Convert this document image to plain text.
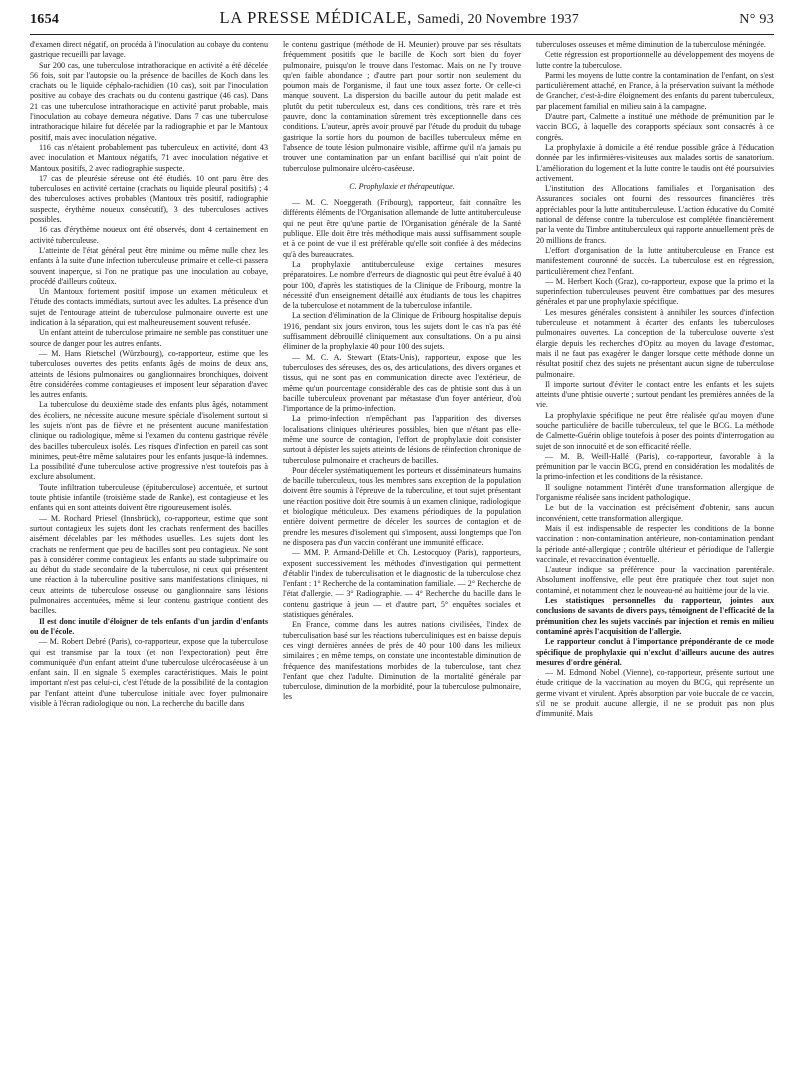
1654	LA PRESSE MÉDICALE, Samedi, 20 Novembre 1937	N° 93

d'examen direct négatif, on procéda à l'inoculation au cobaye du contenu gastrique recueilli par lavage.

Sur 200 cas, une tuberculose intrathoracique en activité a été décelée 56 fois, soit par l'autopsie ou la présence de bacilles de Koch dans les crachats ou le liquide céphalo-rachidien (10 cas), soit par l'inoculation positive au cobaye des crachats ou du contenu gastrique (46 cas). Dans 21 cas une tuberculose intrathoracique en activité parut probable, mais l'inoculation au cobaye demeura négative. Dans 7 cas une tuberculose intrathoracique hilaire fut décelée par la radiographie et par le Mantoux positif, mais avec inoculation négative.

116 cas n'étaient probablement pas tuberculeux en activité, dont 43 avec inoculation et Mantoux négatifs, 71 avec inoculation négative et Mantoux positifs, 2 avec radiographie suspecte.

17 cas de pleurésie séreuse ont été étudiés. 10 ont paru être des tuberculoses en activité certaine (crachats ou liquide pleural positifs) ; 4 des tuberculoses actives probables (Mantoux très positif, radiographie suspecte, érythème noueux consécutif), 3 des tuberculoses actives possibles.

16 cas d'érythème noueux ont été observés, dont 4 certainement en activité tuberculeuse.

L'atteinte de l'état général peut être minime ou même nulle chez les enfants à la suite d'une infection tuberculeuse primaire et celle-ci passera souvent inaperçue, si l'on ne pratique pas une inoculation au cobaye, procédé d'ailleurs coûteux.

Un Mantoux fortement positif impose un examen méticuleux et l'étude des contacts immédiats, surtout avec les adultes. La présence d'un sujet de l'entourage atteint de tuberculose pulmonaire ouverte est une indication à la séparation, qui est malheureusement souvent refusée.

Un enfant atteint de tuberculose primaire ne semble pas constituer une source de danger pour les autres enfants.

— M. Hans Rietschel (Würzbourg), co-rapporteur, estime que les tuberculoses ouvertes des petits enfants âgés de moins de deux ans, atteints de lésions pulmonaires ou ganglionnaires bronchiques, doivent être considérées comme contagieuses et imposent leur séparation d'avec les autres enfants.

La tuberculose du deuxième stade des enfants plus âgés, notamment des écoliers, ne nécessite aucune mesure spéciale d'isolement surtout si les sujets n'ont pas de fièvre et ne présentent aucune manifestation clinique ou radiologique, même si l'examen du contenu gastrique révèle des bacilles tuberculeux isolés. Les risques d'infection en pareil cas sont minimes, peut-être même salutaires pour les enfants jusque-là indemnes. La possibilité d'une tuberculose active progressive n'est toutefois pas à exclure absolument.

Toute infiltration tuberculeuse (épituberculose) accentuée, et surtout toute phtisie infantile (troisième stade de Ranke), est contagieuse et les enfants qui en sont atteints doivent être rigoureusement isolés.

— M. Rochard Priesel (Innsbrück), co-rapporteur, estime que sont surtout contagieux les sujets dont les crachats renferment des bacilles aisément décelables par les méthodes usuelles. Les sujets dont les crachats ne renferment que peu de bacilles sont peu contagieux. Ne sont pas à considérer comme contagieux les enfants au stade subprimaire ou au début du stade secondaire de la tuberculose, ni ceux qui présentent une réaction à la tuberculine positive sans manifestations cliniques, ni ceux atteints de tuberculose osseuse ou ganglionnaire sans lésions pulmonaires accentuées, même si leur contenu gastrique contient des bacilles.

Il est donc inutile d'éloigner de tels enfants d'un jardin d'enfants ou de l'école.

— M. Robert Debré (Paris), co-rapporteur, expose que la tuberculose qui est transmise par la toux (et non l'expectoration) peut être communiquée d'un enfant atteint d'une tuberculose ulcérocaséeuse à un enfant sain. Il en signale 5 exemples caractéristiques. Mais le point important n'est pas celui-ci, c'est l'étude de la possibilité de la contagion par l'enfant atteint d'une tuberculose initiale avec foyer pulmonaire visible à l'écran radiologique ou non. La recherche du bacille dans

le contenu gastrique (méthode de H. Meunier) prouve par ses résultats fréquemment positifs que le bacille de Koch sort bien du foyer pulmonaire, puisqu'on le trouve dans l'estomac. Mais on ne l'y trouve qu'en faible abondance ; d'autre part pour sortir non seulement du poumon mais de l'organisme, il faut une toux assez forte. Or celle-ci manque souvent. La dispersion du bacille autour du petit malade est plutôt du petit tuberculeux est, dans ces conditions, très rare et très pauvre, donc la contamination sûrement très exceptionnelle dans ces conditions. L'auteur, après avoir prouvé par l'étude du produit du tubage gastrique la sortie hors du poumon de bacilles tuberculeux même en l'absence de toute lésion pulmonaire visible, affirme qu'il n'a jamais pu trouver une contamination par un enfant bacillisé qui n'ait point de tuberculose pulmonaire ulcéro-caséeuse.

C. Prophylaxie et thérapeutique.

— M. C. Noeggerath (Fribourg), rapporteur, fait connaître les différents éléments de l'Organisation allemande de lutte antituberculeuse qui ne peut être qu'une partie de l'Organisation générale de la Santé publique. Elle doit être très méthodique mais aussi suffisamment souple et à ce point de vue il est préférable qu'elle soit confiée à des médecins qu'à des bureaucrates.

La prophylaxie antituberculeuse exige certaines mesures préparatoires. Le nombre d'erreurs de diagnostic qui peut être évalué à 40 pour 100, d'après les statistiques de la Clinique de Fribourg, montre la nécessité d'un enseignement détaillé aux étudiants de tous les chapitres de la tuberculose et notamment de la tuberculose infantile.

La section d'élimination de la Clinique de Fribourg hospitalise depuis 1916, pendant six jours environ, tous les sujets dont le cas n'a pas été suffisamment débrouillé cliniquement aux consultations. On a pu ainsi éliminer de la prophylaxie 40 pour 100 des sujets.

— M. C. A. Stewart (Etats-Unis), rapporteur, expose que les tuberculoses des séreuses, des os, des articulations, des divers organes et tissus, qui ne sont pas en communication directe avec l'extérieur, de même qu'un pourcentage considérable des cas de phtisie sont dus à un bacille tuberculeux provenant par métastase d'un foyer antérieur, d'où l'importance de la primo-infection.

La primo-infection n'empêchant pas l'apparition des diverses localisations cliniques ultérieures possibles, bien que n'étant pas elle-même une source de contagion, l'effort de prophylaxie doit consister surtout à dépister les sujets atteints de lésions de réinfection chronique de tuberculose pulmonaire et cracheurs de bacilles.

Pour déceler systématiquement les porteurs et disséminateurs humains de bacille tuberculeux, tous les membres sans exception de la population doivent être soumis à l'épreuve de la tuberculine, et tout sujet présentant une réaction positive doit être soumis à un examen clinique, radiologique et biologique méticuleux. Des examens périodiques de la population entière doivent permettre de déceler les sources de contagion et de prendre les mesures d'isolement qui s'imposent, aussi longtemps que l'on ne disposera pas d'un vaccin conférant une immunité efficace.

— MM. P. Armand-Delille et Ch. Lestocquoy (Paris), rapporteurs, exposent successivement les méthodes d'investigation qui permettent d'établir l'index de tuberculisation et le diagnostic de la tuberculose chez l'enfant : 1° Recherche de la contamination familiale. — 2° Recherche de l'état d'allergie. — 3° Radiographie. — 4° Recherche du bacille dans le contenu gastrique à jeun — et d'autre part, 5° enquêtes sociales et statistiques générales.

En France, comme dans les autres nations civilisées, l'index de tuberculisation basé sur les réactions tuberculiniques est en baisse depuis ces vingt dernières années de près de 40 pour 100 dans les milieux similaires ; en même temps, on constate une incontestable diminution de fréquence des manifestations morbides de la tuberculose, tant chez l'enfant que chez l'adulte. Diminution de la mortalité générale par tuberculose, diminution de la morbidité, pour la tuberculose pulmonaire, les

tuberculoses osseuses et même diminution de la tuberculose méningée.

Cette régression est proportionnelle au développement des moyens de lutte contre la tuberculose.

Parmi les moyens de lutte contre la contamination de l'enfant, on s'est particulièrement attaché, en France, à la préservation suivant la méthode de Grancher, c'est-à-dire éloignement des enfants du parent tuberculeux, par placement familial en milieu sain à la campagne.

D'autre part, Calmette a institué une méthode de prémunition par le vaccin BCG, à laquelle des corapports spéciaux sont consacrés à ce congrès.

La prophylaxie à domicile a été rendue possible grâce à l'éducation donnée par les infirmières-visiteuses aux malades sortis de sanatorium. L'amélioration du logement et la lutte contre le taudis ont été poursuivies activement.

L'institution des Allocations familiales et l'organisation des Assurances sociales ont fourni des ressources financières très appréciables pour la lutte antituberculeuse. L'action éducative du Comité national de défense contre la tuberculose est complétée financièrement par la vente du Timbre antituberculeux qui rapporte annuellement près de 20 millions de francs.

L'effort d'organisation de la lutte antituberculeuse en France est manifestement couronné de succès. La tuberculose est en régression, particulièrement chez l'enfant.

— M. Herbert Koch (Graz), co-rapporteur, expose que la primo et la superinfection tuberculeuses peuvent être combattues par des mesures générales et par une prophylaxie spécifique.

Les mesures générales consistent à annihiler les sources d'infection tuberculeuse et notamment à écarter des enfants les tuberculoses pulmonaires ouvertes. La conception de la tuberculose ouverte s'est élargie depuis les recherches d'Opitz au moyen du lavage d'estomac, mais il ne faut pas exagérer le danger lorsque cette méthode donne un résultat positif chez des sujets ne présentant aucun signe de tuberculose pulmonaire.

Il importe surtout d'éviter le contact entre les enfants et les sujets atteints d'une phtisie ouverte ; surtout pendant les premières années de la vie.

La prophylaxie spécifique ne peut être réalisée qu'au moyen d'une souche particulière de bacille tuberculeux, tel que le BCG. La méthode de Calmette-Guérin oblige toutefois à poser des points d'interrogation au sujet de son innocuité et de son efficacité réelle.

— M. B. Weill-Hallé (Paris), co-rapporteur, favorable à la prémunition par le vaccin BCG, prend en considération les modalités de la primo-infection et les conditions de la résistance.

Il souligne notamment l'intérêt d'une transformation allergique de l'organisme réalisée sans incident pathologique.

Le but de la vaccination est précisément d'obtenir, sans aucun inconvénient, cette transformation allergique.

Mais il est indispensable de respecter les conditions de la bonne vaccination : non-contamination antérieure, non-contamination pendant la période anté-allergique ; contrôle ultérieur et périodique de l'allergie vaccinale, et revaccination éventuelle.

L'auteur indique sa préférence pour la vaccination parentérale. Absolument inoffensive, elle peut être pratiquée chez tout sujet non contaminé, et notamment chez le nouveau-né au huitième jour de la vie.

Les statistiques personnelles du rapporteur, jointes aux conclusions de savants de divers pays, témoignent de l'efficacité de la prémunition chez les sujets vaccinés par injection et remis en milieu contaminé après l'acquisition de l'allergie.

Le rapporteur conclut à l'importance prépondérante de ce mode spécifique de prophylaxie qui n'exclut d'ailleurs aucune des autres mesures d'ordre général.

— M. Edmond Nobel (Vienne), co-rapporteur, présente surtout une étude critique de la vaccination au moyen du BCG, qui représente un germe vivant et virulent. Après absorption par voie buccale de ce vaccin, s'il ne se produit aucune allergie, il ne se produit pas non plus d'immunité. Mais
